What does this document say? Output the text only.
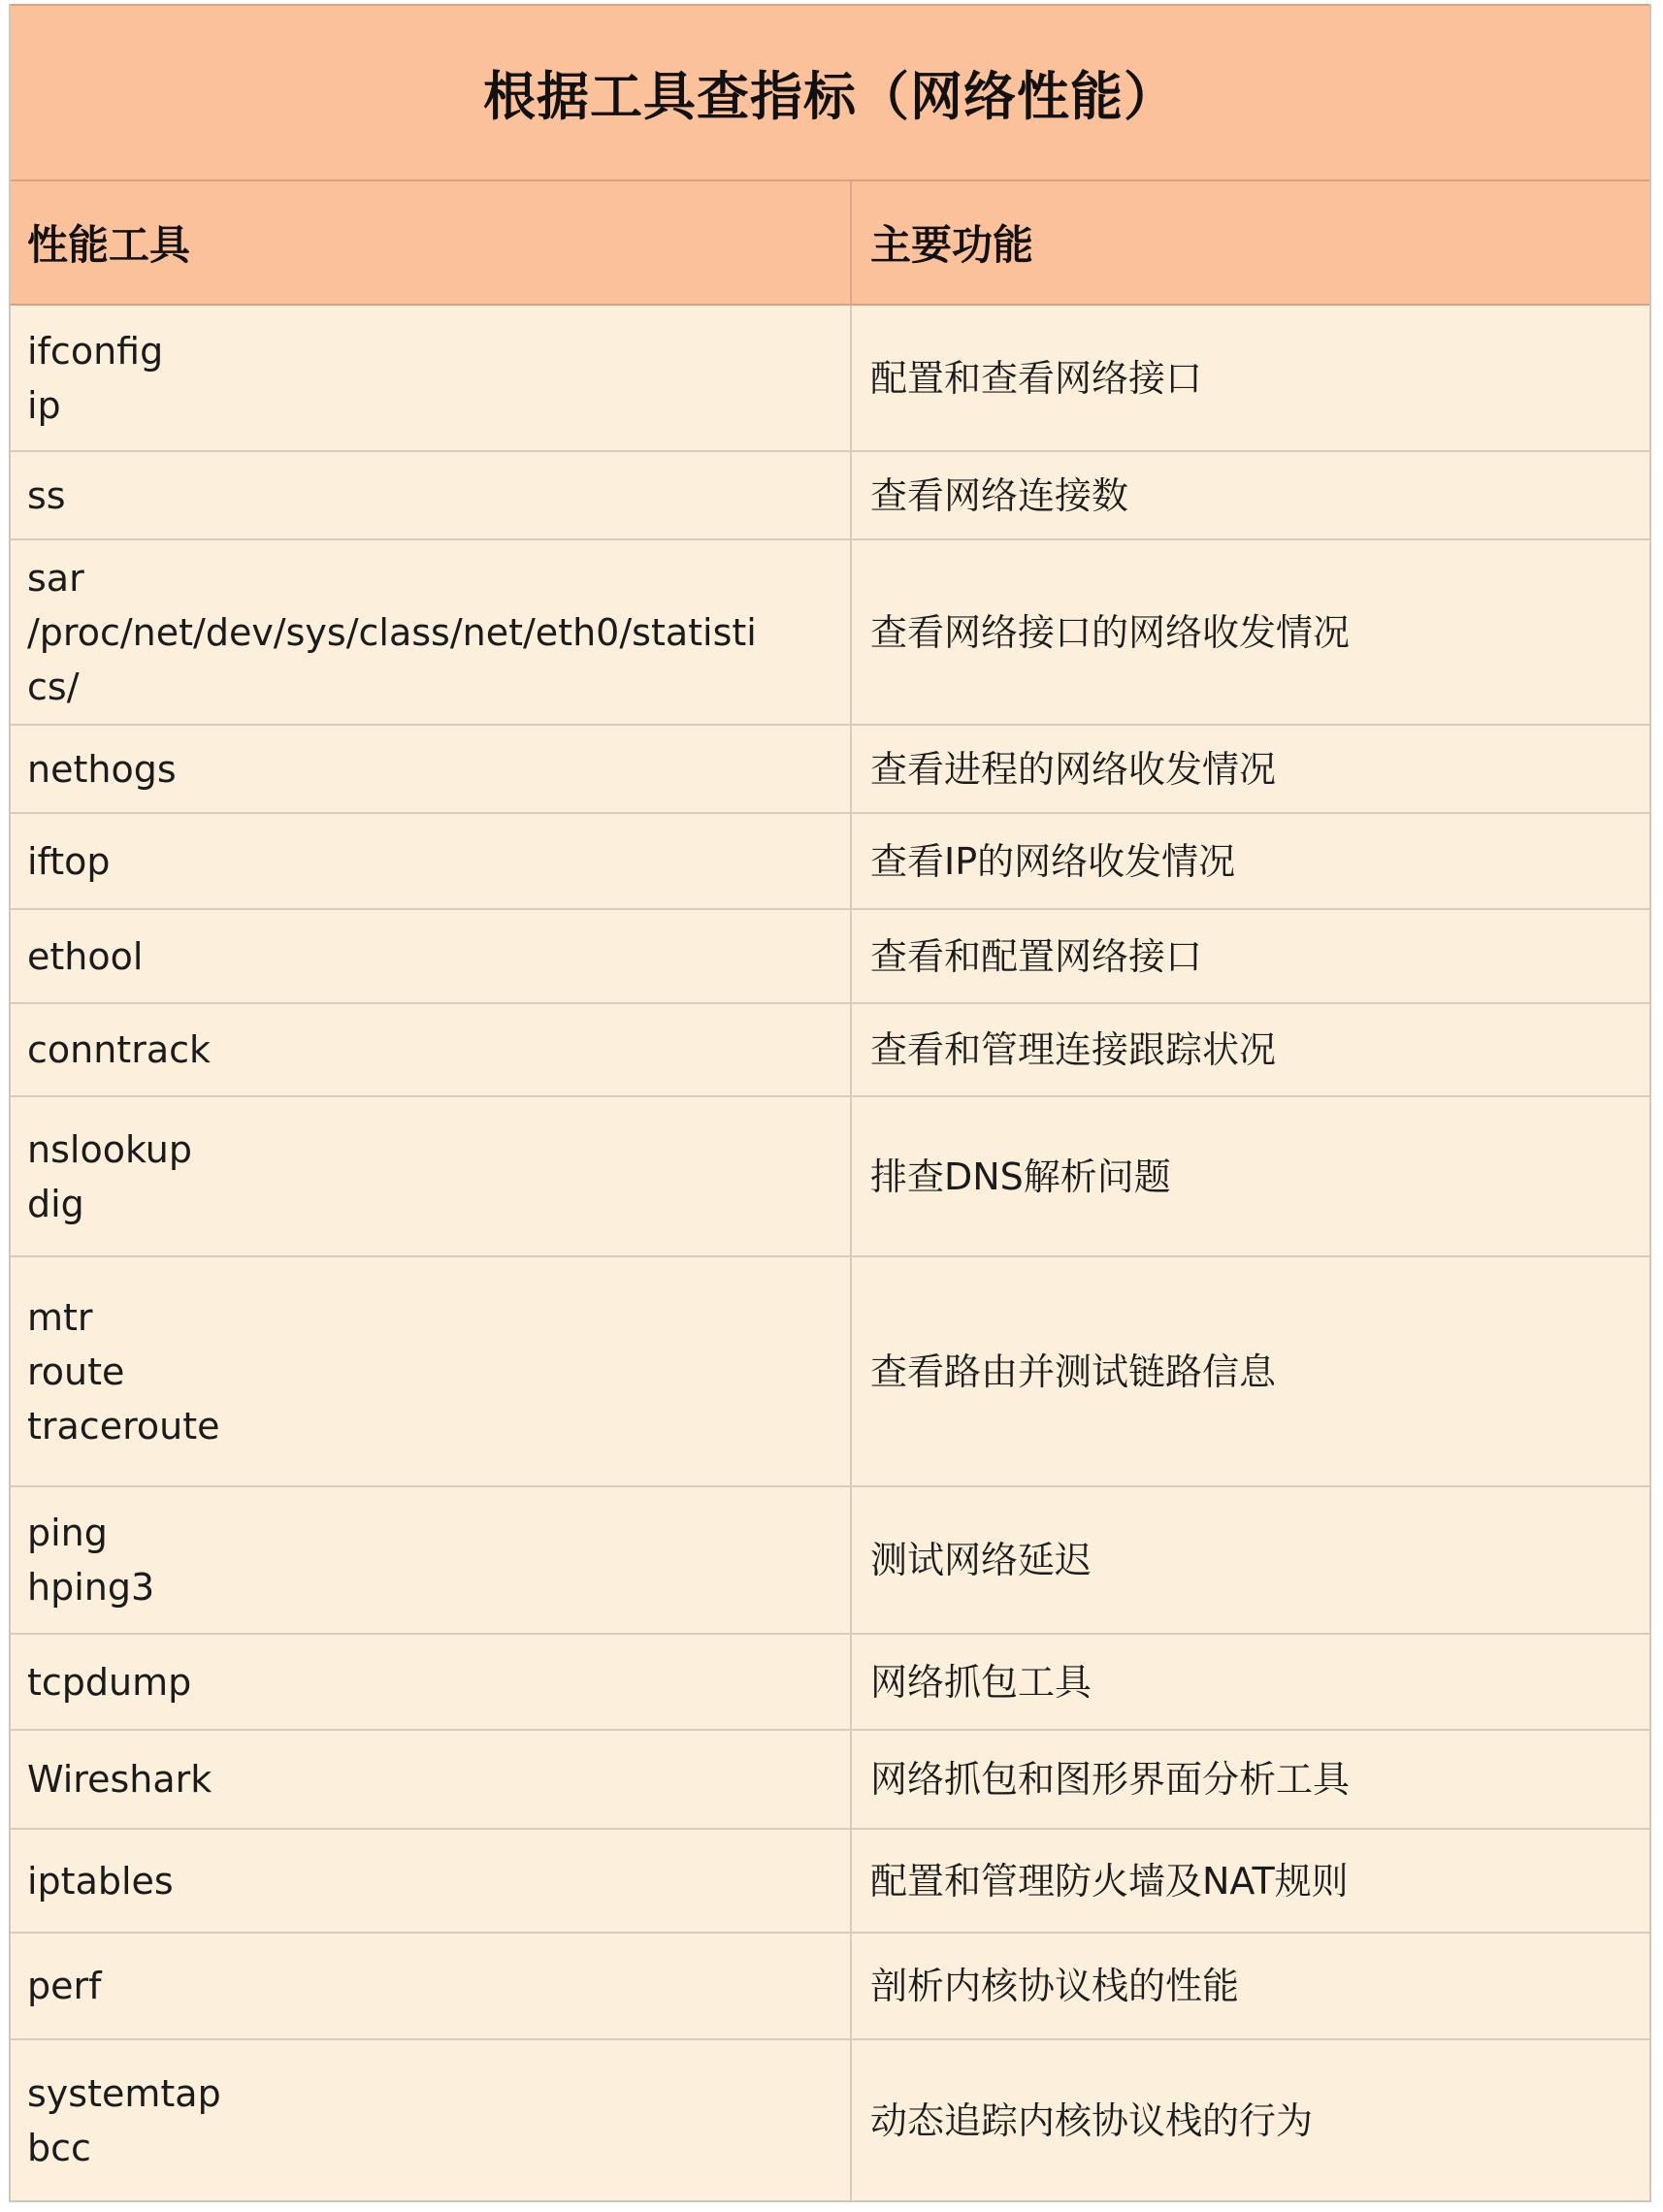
根据工具查指标（网络性能）
性能工具	主要功能

ifconfig
ip	配置和查看网络接口

ss	查看网络连接数

sar
/proc/net/dev/sys/class/net/eth0/statisti
cs/	查看网络接口的网络收发情况

nethogs	查看进程的网络收发情况

iftop	查看IP的网络收发情况

ethool	查看和配置网络接口

conntrack	查看和管理连接跟踪状况

nslookup
dig	排查DNS解析问题

mtr
route
traceroute	查看路由并测试链路信息

ping
hping3	测试网络延迟

tcpdump	网络抓包工具

Wireshark	网络抓包和图形界面分析工具

iptables	配置和管理防火墙及NAT规则

perf	剖析内核协议栈的性能

systemtap
bcc	动态追踪内核协议栈的行为
